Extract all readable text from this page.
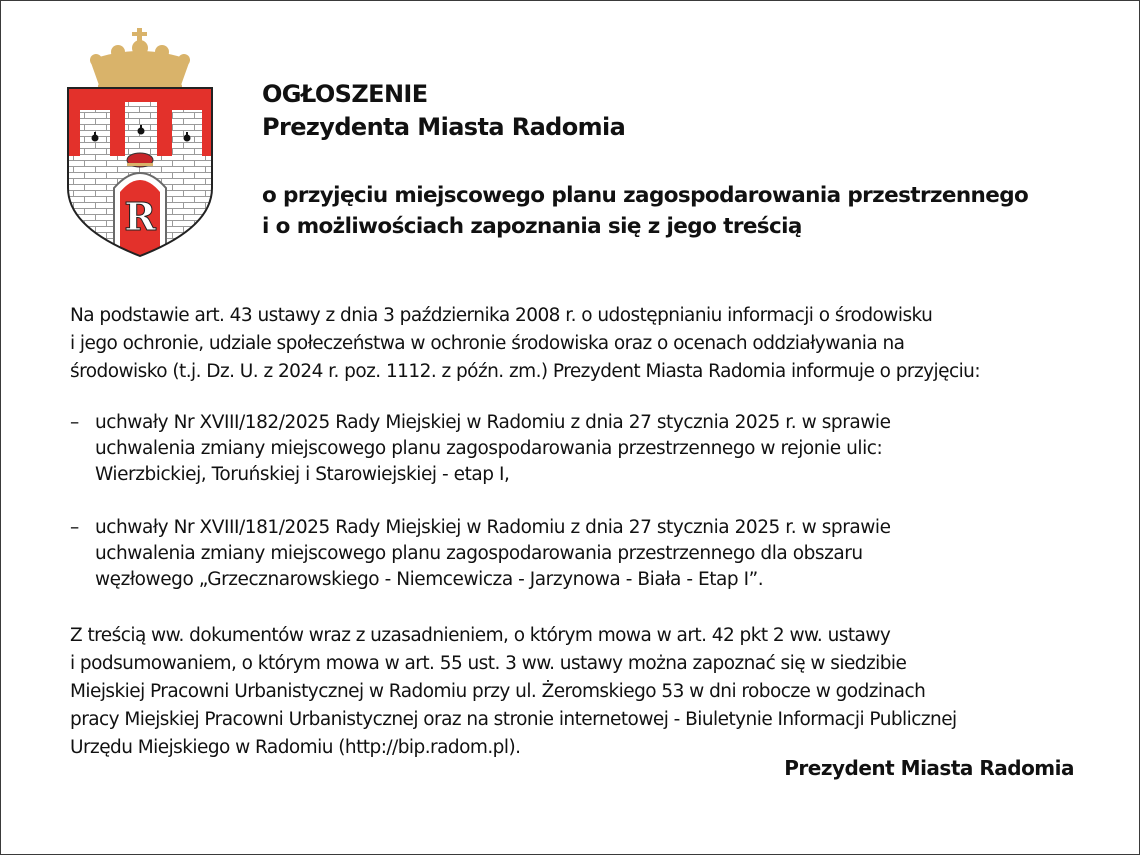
R
OGŁOSZENIE
Prezydenta Miasta Radomia
o przyjęciu miejscowego planu zagospodarowania przestrzennego
i o możliwościach zapoznania się z jego treścią
Na podstawie art. 43 ustawy z dnia 3 października 2008 r. o udostępnianiu informacji o środowisku
i jego ochronie, udziale społeczeństwa w ochronie środowiska oraz o ocenach oddziaływania na
środowisko (t.j. Dz. U. z 2024 r. poz. 1112. z późn. zm.) Prezydent Miasta Radomia informuje o przyjęciu:
– uchwały Nr XVIII/182/2025 Rady Miejskiej w Radomiu z dnia 27 stycznia 2025 r. w sprawie
uchwalenia zmiany miejscowego planu zagospodarowania przestrzennego w rejonie ulic:
Wierzbickiej, Toruńskiej i Starowiejskiej - etap I,
– uchwały Nr XVIII/181/2025 Rady Miejskiej w Radomiu z dnia 27 stycznia 2025 r. w sprawie
uchwalenia zmiany miejscowego planu zagospodarowania przestrzennego dla obszaru
węzłowego „Grzecznarowskiego - Niemcewicza - Jarzynowa - Biała - Etap I”.
Z treścią ww. dokumentów wraz z uzasadnieniem, o którym mowa w art. 42 pkt 2 ww. ustawy
i podsumowaniem, o którym mowa w art. 55 ust. 3 ww. ustawy można zapoznać się w siedzibie
Miejskiej Pracowni Urbanistycznej w Radomiu przy ul. Żeromskiego 53 w dni robocze w godzinach
pracy Miejskiej Pracowni Urbanistycznej oraz na stronie internetowej - Biuletynie Informacji Publicznej
Urzędu Miejskiego w Radomiu (http://bip.radom.pl).
Prezydent Miasta Radomia
